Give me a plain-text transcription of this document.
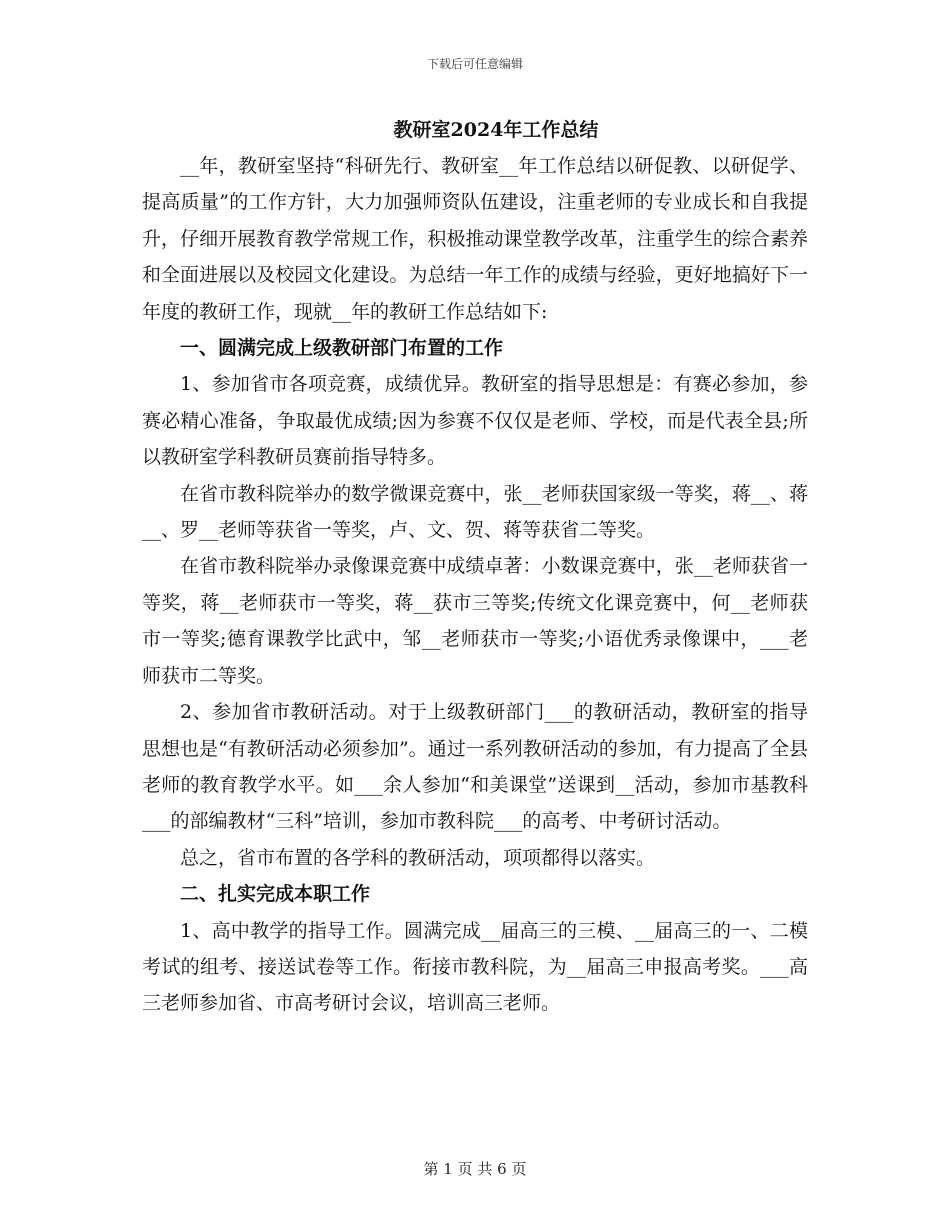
下载后可任意编辑
教研室2024年工作总结

__年，教研室坚持“科研先行、教研室__年工作总结以研促教、以研促学、提高质量”的工作方针，大力加强师资队伍建设，注重老师的专业成长和自我提升，仔细开展教育教学常规工作，积极推动课堂教学改革，注重学生的综合素养和全面进展以及校园文化建设。为总结一年工作的成绩与经验，更好地搞好下一年度的教研工作，现就__年的教研工作总结如下:

一、圆满完成上级教研部门布置的工作

1、参加省市各项竞赛，成绩优异。教研室的指导思想是：有赛必参加，参赛必精心准备，争取最优成绩;因为参赛不仅仅是老师、学校，而是代表全县;所以教研室学科教研员赛前指导特多。

在省市教科院举办的数学微课竞赛中，张__老师获国家级一等奖，蒋__、蒋__、罗__老师等获省一等奖，卢、文、贺、蒋等获省二等奖。

在省市教科院举办录像课竞赛中成绩卓著：小数课竞赛中，张__老师获省一等奖，蒋__老师获市一等奖，蒋__获市三等奖;传统文化课竞赛中，何__老师获市一等奖;德育课教学比武中，邹__老师获市一等奖;小语优秀录像课中，___老师获市二等奖。

2、参加省市教研活动。对于上级教研部门___的教研活动，教研室的指导思想也是“有教研活动必须参加”。通过一系列教研活动的参加，有力提高了全县老师的教育教学水平。如___余人参加“和美课堂”送课到__活动，参加市基教科___的部编教材“三科”培训，参加市教科院___的高考、中考研讨活动。

总之，省市布置的各学科的教研活动，项项都得以落实。

二、扎实完成本职工作

1、高中教学的指导工作。圆满完成__届高三的三模、__届高三的一、二模考试的组考、接送试卷等工作。衔接市教科院，为__届高三申报高考奖。___高三老师参加省、市高考研讨会议，培训高三老师。

第 1 页 共 6 页
